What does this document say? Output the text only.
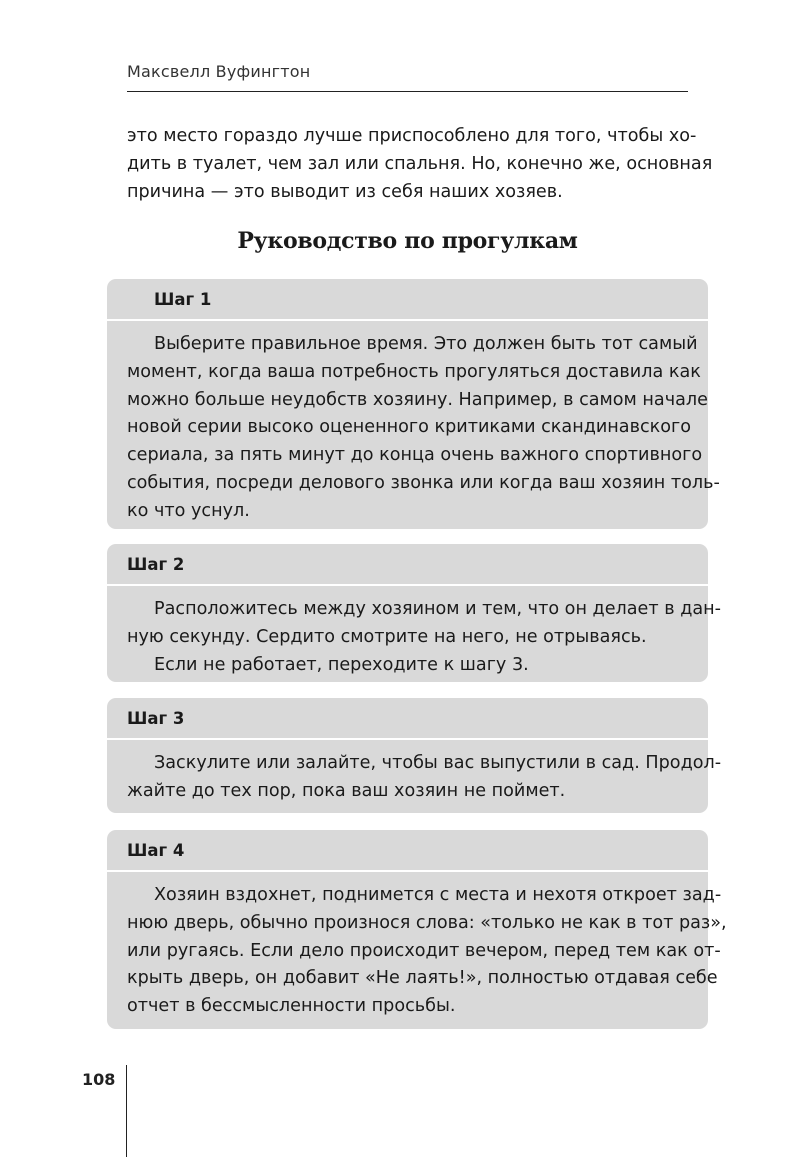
Максвелл Вуфингтон
это место гораздо лучше приспособлено для того, чтобы хо-
дить в туалет, чем зал или спальня. Но, конечно же, основная
причина — это выводит из себя наших хозяев.
Руководство по прогулкам
Шаг 1
Выберите правильное время. Это должен быть тот самый
момент, когда ваша потребность прогуляться доставила как
можно больше неудобств хозяину. Например, в самом начале
новой серии высоко оцененного критиками скандинавского
сериала, за пять минут до конца очень важного спортивного
события, посреди делового звонка или когда ваш хозяин толь-
ко что уснул.
Шаг 2
Расположитесь между хозяином и тем, что он делает в дан-
ную секунду. Сердито смотрите на него, не отрываясь.
Если не работает, переходите к шагу 3.
Шаг 3
Заскулите или залайте, чтобы вас выпустили в сад. Продол-
жайте до тех пор, пока ваш хозяин не поймет.
Шаг 4
Хозяин вздохнет, поднимется с места и нехотя откроет зад-
нюю дверь, обычно произнося слова: «только не как в тот раз»,
или ругаясь. Если дело происходит вечером, перед тем как от-
крыть дверь, он добавит «Не лаять!», полностью отдавая себе
отчет в бессмысленности просьбы.
108
